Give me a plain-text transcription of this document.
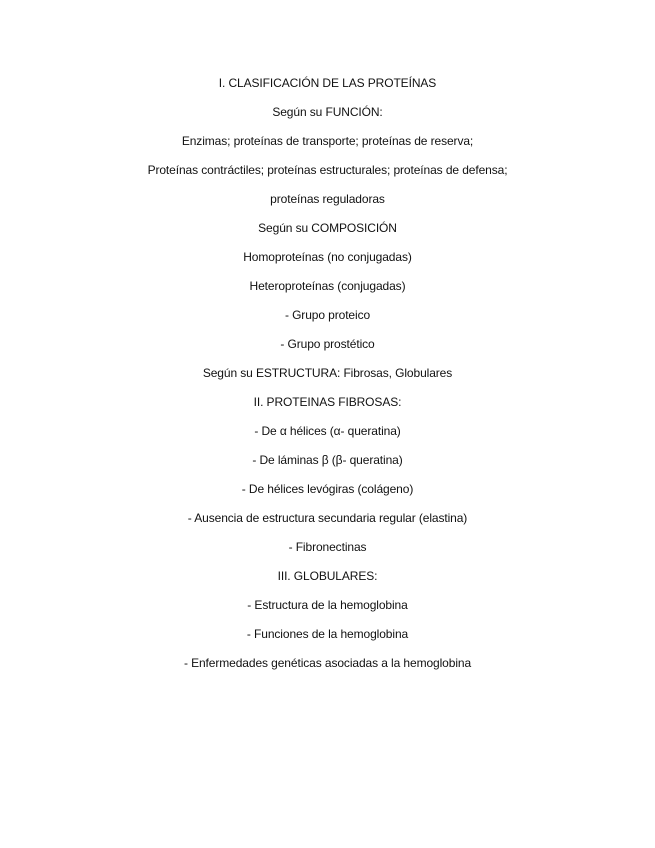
I. CLASIFICACIÓN DE LAS PROTEÍNAS
Según su FUNCIÓN:
Enzimas; proteínas de transporte; proteínas de reserva;
Proteínas contráctiles; proteínas estructurales; proteínas de defensa;
proteínas reguladoras
Según su COMPOSICIÓN
Homoproteínas (no conjugadas)
Heteroproteínas (conjugadas)
- Grupo proteico
- Grupo prostético
Según su ESTRUCTURA: Fibrosas, Globulares
II. PROTEINAS FIBROSAS:
- De α hélices (α- queratina)
- De láminas β (β- queratina)
- De hélices levógiras (colágeno)
- Ausencia de estructura secundaria regular (elastina)
- Fibronectinas
III. GLOBULARES:
- Estructura de la hemoglobina
- Funciones de la hemoglobina
- Enfermedades genéticas asociadas a la hemoglobina
